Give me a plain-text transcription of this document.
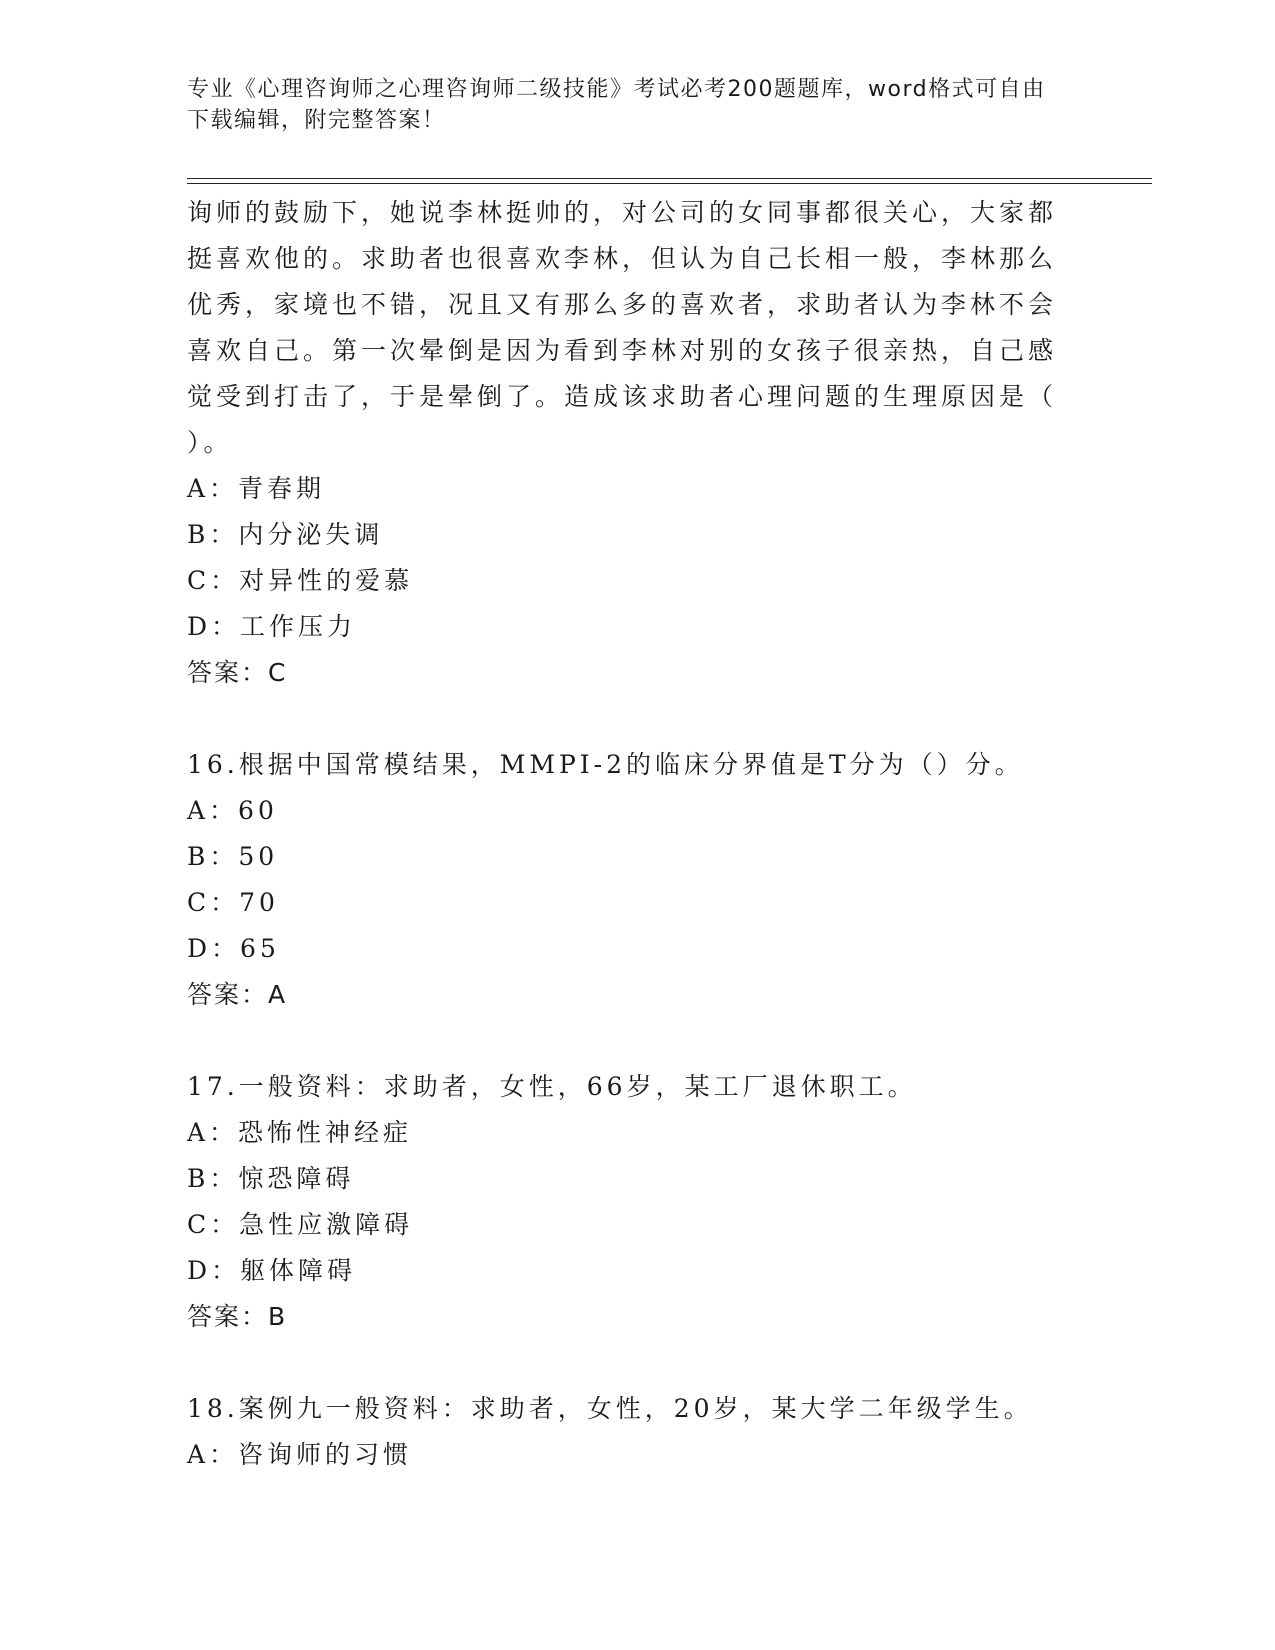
专业《心理咨询师之心理咨询师二级技能》考试必考200题题库，word格式可自由下载编辑，附完整答案！

询师的鼓励下，她说李林挺帅的，对公司的女同事都很关心，大家都

挺喜欢他的。求助者也很喜欢李林，但认为自己长相一般，李林那么

优秀，家境也不错，况且又有那么多的喜欢者，求助者认为李林不会

喜欢自己。第一次晕倒是因为看到李林对别的女孩子很亲热，自己感

觉受到打击了，于是晕倒了。造成该求助者心理问题的生理原因是（

）。

A：青春期

B：内分泌失调

C：对异性的爱慕

D：工作压力

答案：C

16.根据中国常模结果，MMPI-2的临床分界值是T分为（）分。

A：60

B：50

C：70

D：65

答案：A

17.一般资料：求助者，女性，66岁，某工厂退休职工。

A：恐怖性神经症

B：惊恐障碍

C：急性应激障碍

D：躯体障碍

答案：B

18.案例九一般资料：求助者，女性，20岁，某大学二年级学生。

A：咨询师的习惯
